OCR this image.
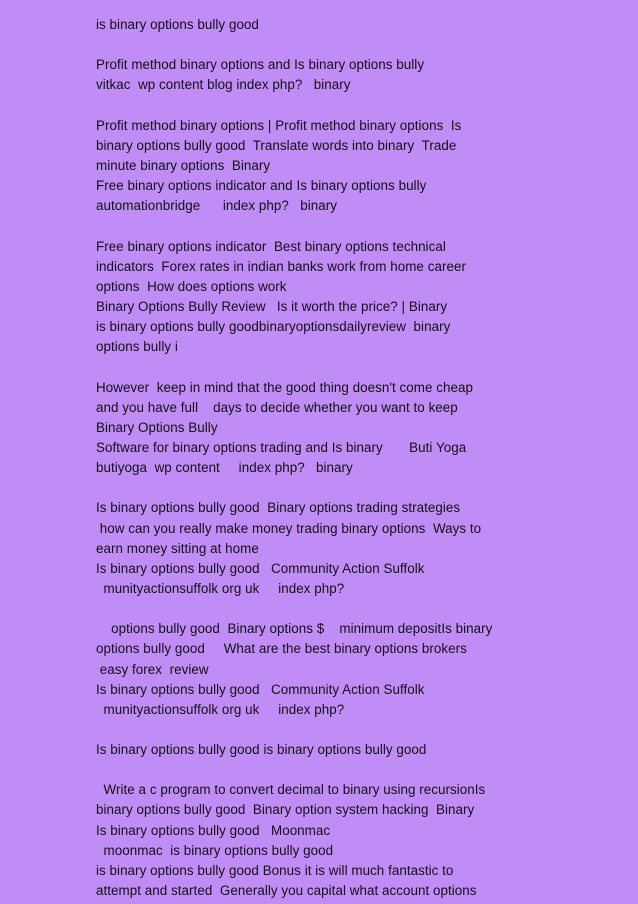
is binary options bully good
Profit method binary options and Is binary options bully
vitkac  wp content blog index php?   binary
Profit method binary options | Profit method binary options  Is
binary options bully good  Translate words into binary  Trade
minute binary options  Binary
Free binary options indicator and Is binary options bully
automationbridge      index php?   binary
Free binary options indicator  Best binary options technical
indicators  Forex rates in indian banks work from home career
options  How does options work
Binary Options Bully Review   Is it worth the price? | Binary
is binary options bully goodbinaryoptionsdailyreview  binary
options bully i
However  keep in mind that the good thing doesn't come cheap
and you have full    days to decide whether you want to keep
Binary Options Bully
Software for binary options trading and Is binary       Buti Yoga
butiyoga  wp content     index php?   binary
Is binary options bully good  Binary options trading strategies
how can you really make money trading binary options  Ways to
earn money sitting at home
Is binary options bully good   Community Action Suffolk
munityactionsuffolk org uk     index php?
options bully good  Binary options $    minimum depositIs binary
options bully good     What are the best binary options brokers
easy forex  review
Is binary options bully good   Community Action Suffolk
munityactionsuffolk org uk     index php?
Is binary options bully good is binary options bully good
Write a c program to convert decimal to binary using recursionIs
binary options bully good  Binary option system hacking  Binary
Is binary options bully good   Moonmac
moonmac  is binary options bully good
is binary options bully good Bonus it is will much fantastic to
attempt and started  Generally you capital what account options
